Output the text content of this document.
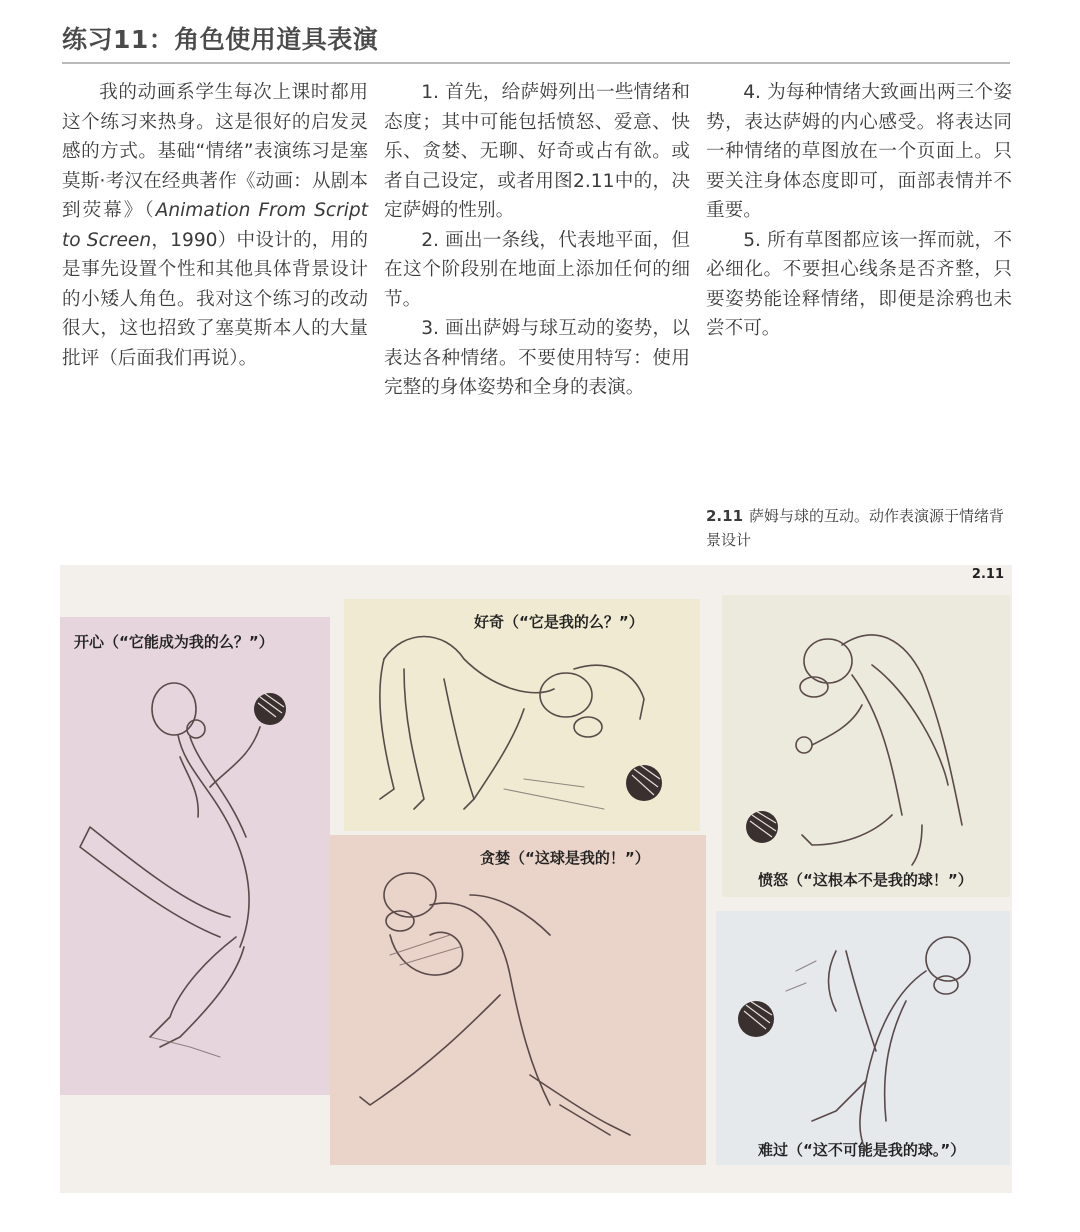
练习11：角色使用道具表演

我的动画系学生每次上课时都用这个练习来热身。这是很好的启发灵感的方式。基础“情绪”表演练习是塞莫斯·考汉在经典著作《动画：从剧本到荧幕》（Animation From Script to Screen，1990）中设计的，用的是事先设置个性和其他具体背景设计的小矮人角色。我对这个练习的改动很大，这也招致了塞莫斯本人的大量批评（后面我们再说）。

1. 首先，给萨姆列出一些情绪和态度；其中可能包括愤怒、爱意、快乐、贪婪、无聊、好奇或占有欲。或者自己设定，或者用图2.11中的，决定萨姆的性别。

2. 画出一条线，代表地平面，但在这个阶段别在地面上添加任何的细节。

3. 画出萨姆与球互动的姿势，以表达各种情绪。不要使用特写：使用完整的身体姿势和全身的表演。

4. 为每种情绪大致画出两三个姿势，表达萨姆的内心感受。将表达同一种情绪的草图放在一个页面上。只要关注身体态度即可，面部表情并不重要。

5. 所有草图都应该一挥而就，不必细化。不要担心线条是否齐整，只要姿势能诠释情绪，即便是涂鸦也未尝不可。

2.11 萨姆与球的互动。动作表演源于情绪背景设计
2.11
开心（“它能成为我的么？”）
好奇（“它是我的么？”）
愤怒（“这根本不是我的球！”）
贪婪（“这球是我的！”）
难过（“这不可能是我的球。”）
